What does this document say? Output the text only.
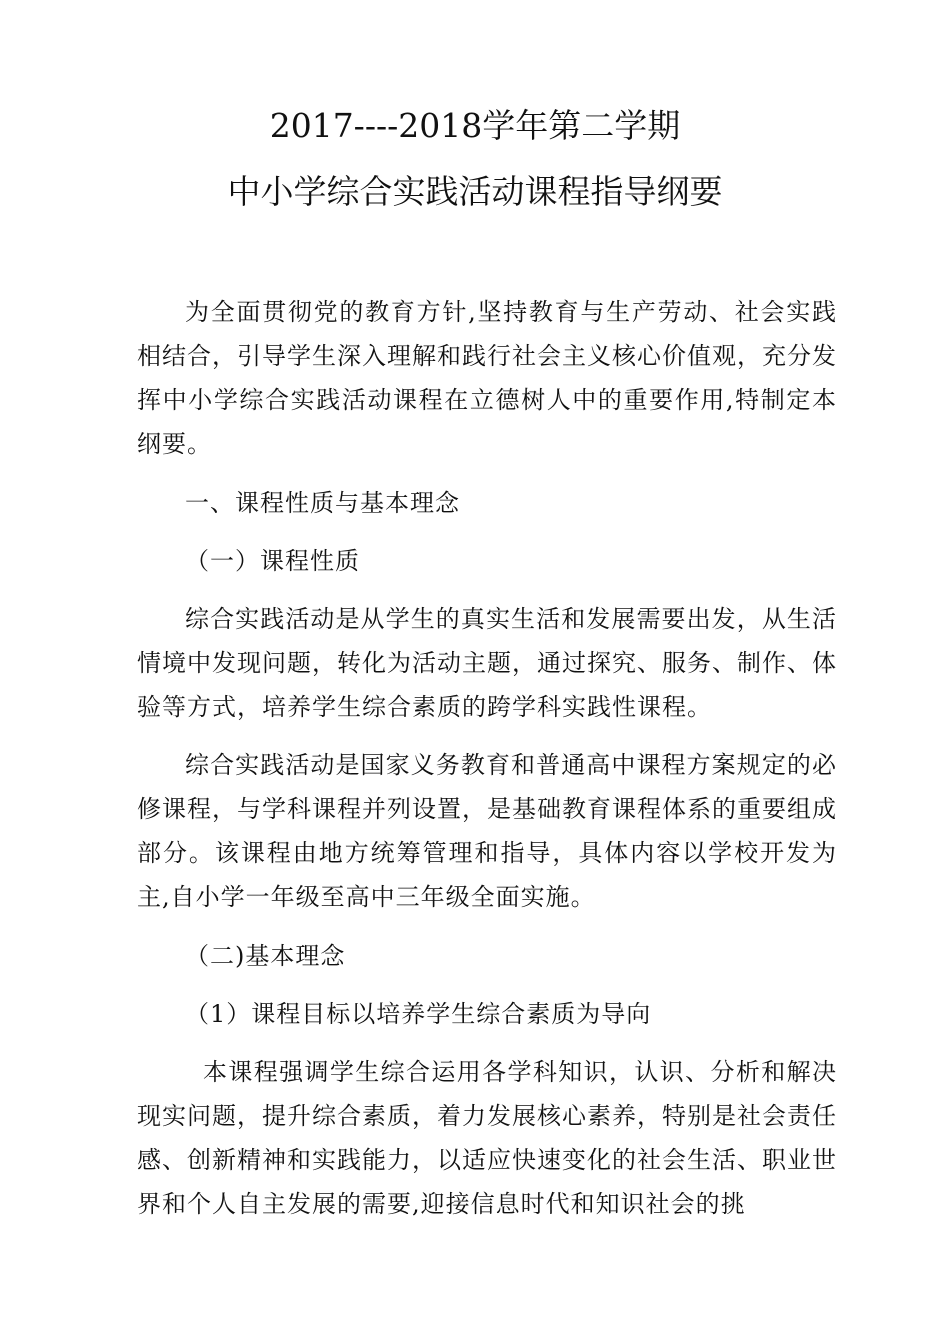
2017----2018学年第二学期
中小学综合实践活动课程指导纲要

为全面贯彻党的教育方针,坚持教育与生产劳动、社会实践相结合，引导学生深入理解和践行社会主义核心价值观，充分发挥中小学综合实践活动课程在立德树人中的重要作用,特制定本纲要。

一、课程性质与基本理念

（一）课程性质

综合实践活动是从学生的真实生活和发展需要出发，从生活情境中发现问题，转化为活动主题，通过探究、服务、制作、体验等方式，培养学生综合素质的跨学科实践性课程。

综合实践活动是国家义务教育和普通高中课程方案规定的必修课程，与学科课程并列设置，是基础教育课程体系的重要组成部分。该课程由地方统筹管理和指导，具体内容以学校开发为主,自小学一年级至高中三年级全面实施。

（二)基本理念

（1）课程目标以培养学生综合素质为导向

本课程强调学生综合运用各学科知识，认识、分析和解决现实问题，提升综合素质，着力发展核心素养，特别是社会责任感、创新精神和实践能力，以适应快速变化的社会生活、职业世界和个人自主发展的需要,迎接信息时代和知识社会的挑
